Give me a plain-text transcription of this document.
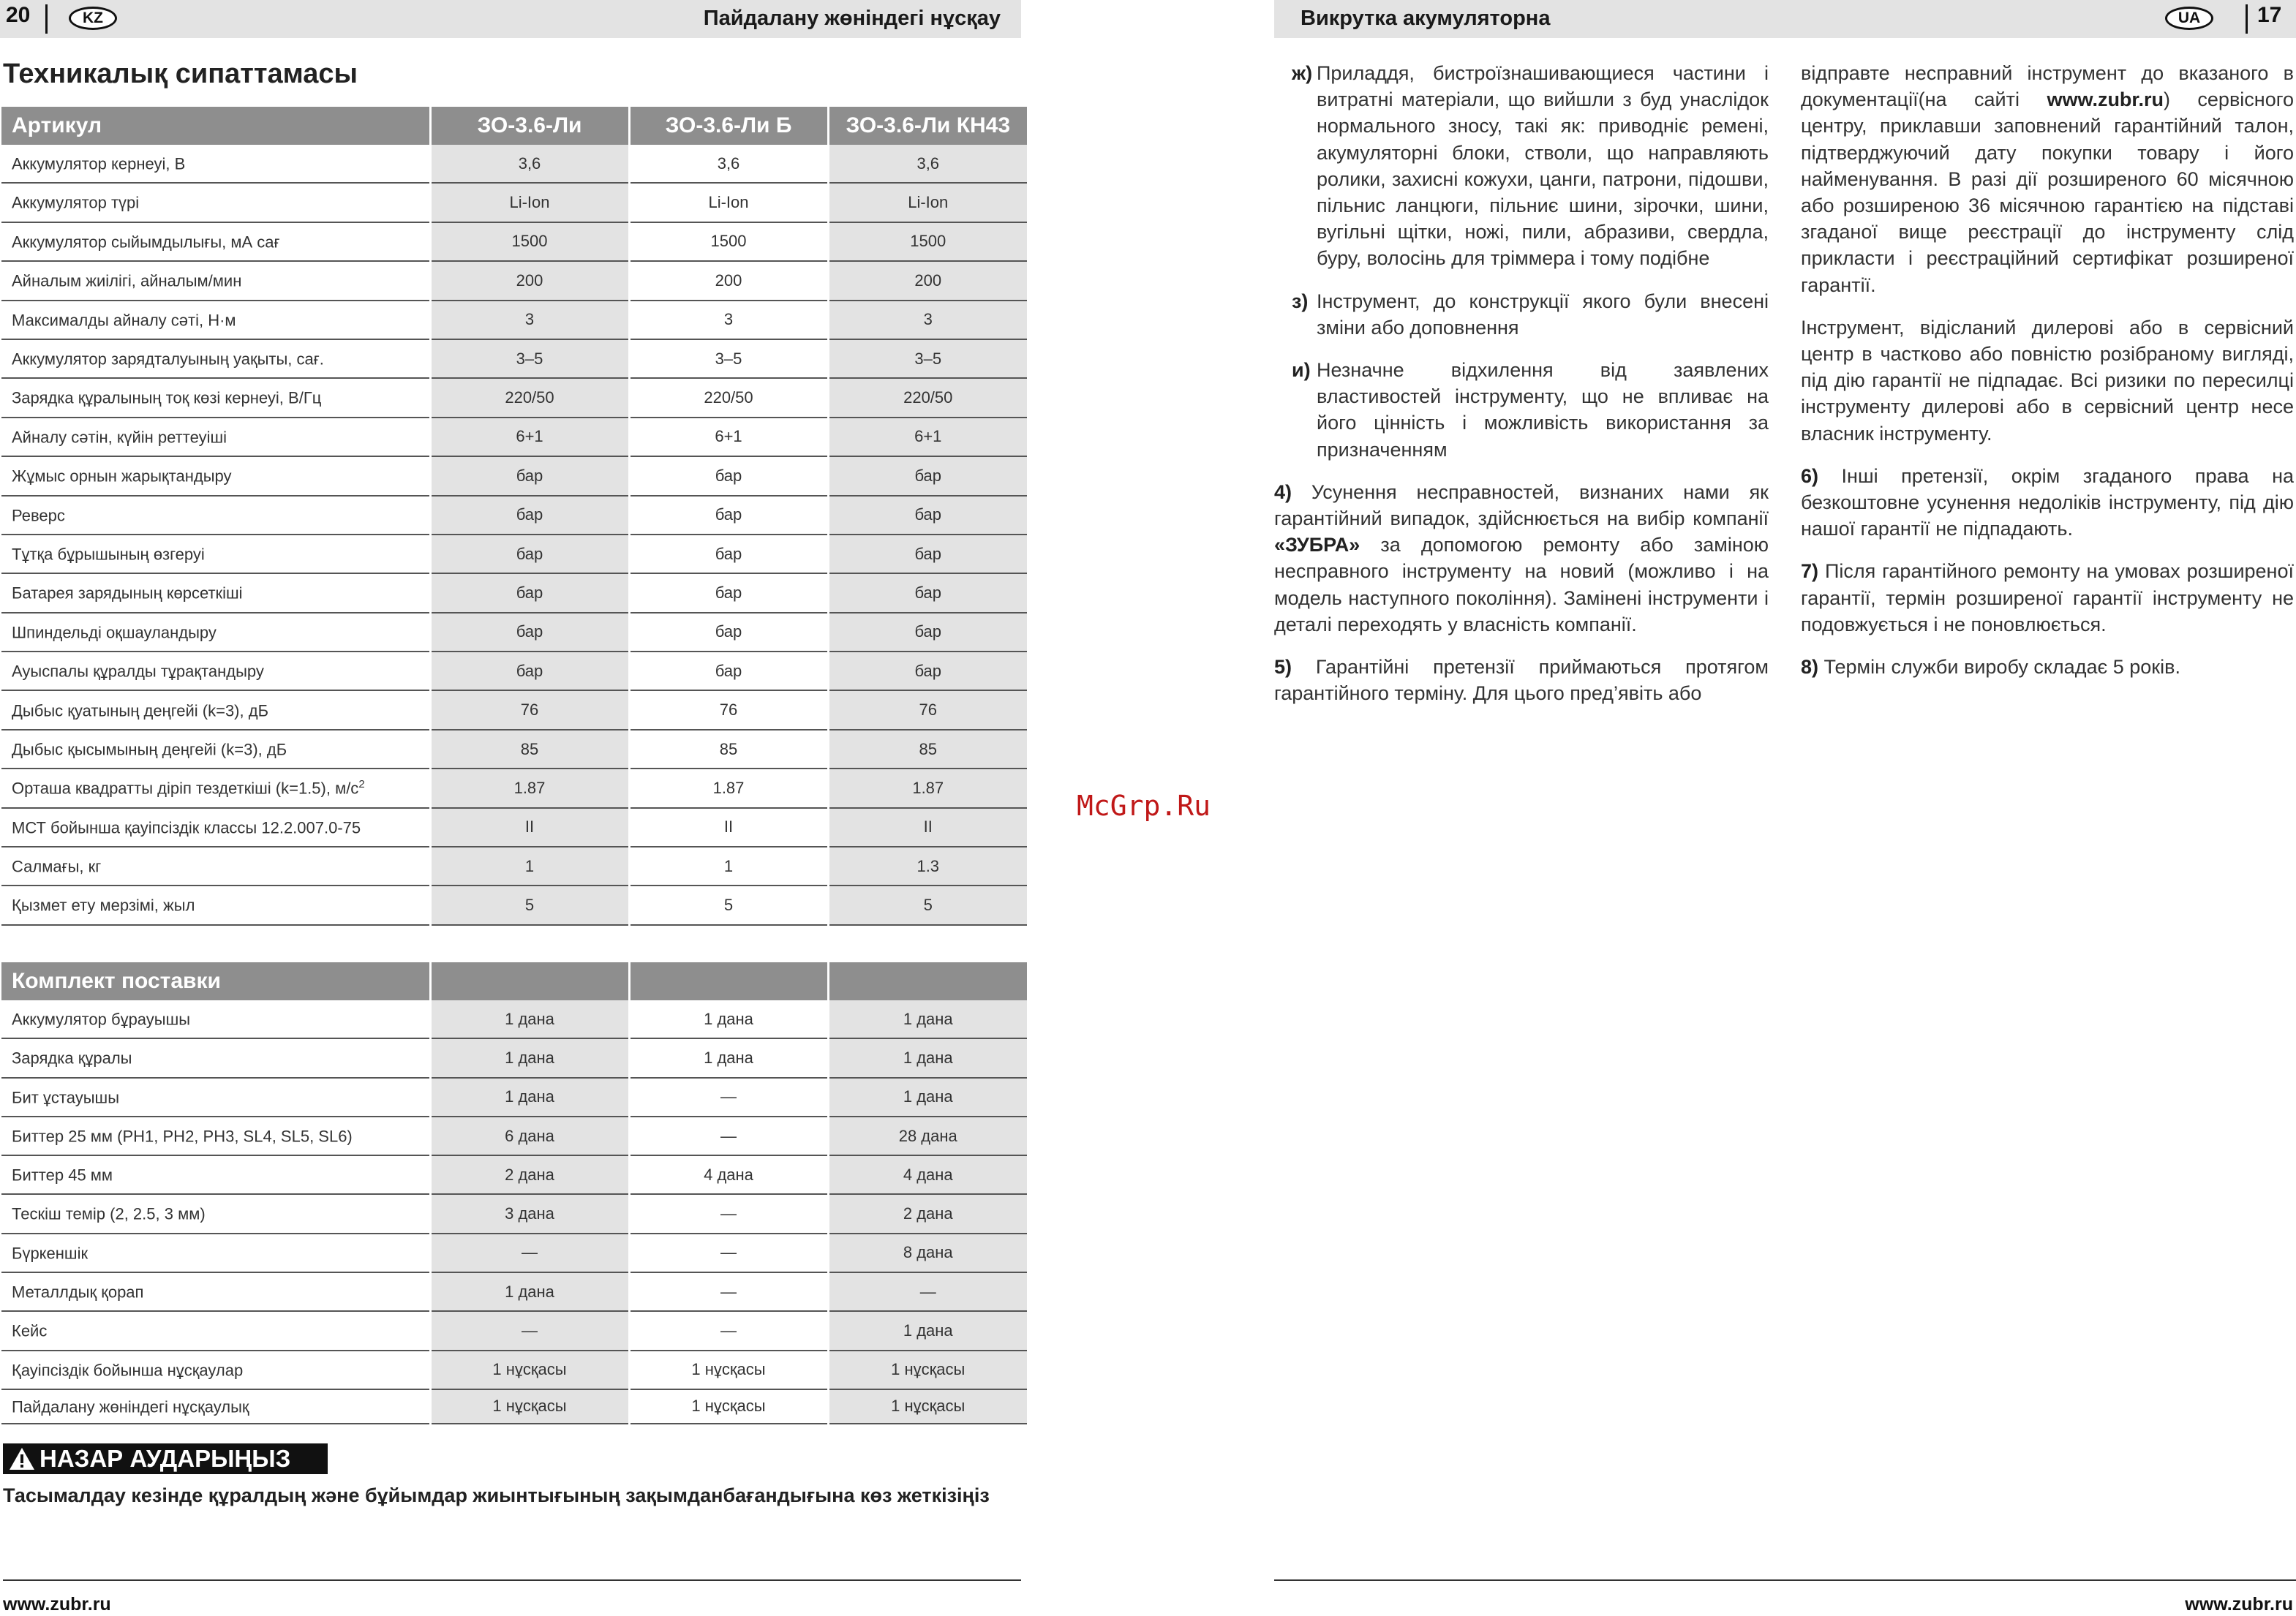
20	KZ	Пайдалану жөніндегі нұсқау
Техникалық сипаттамасы
Артикул	ЗО-3.6-Ли	ЗО-3.6-Ли Б	ЗО-3.6-Ли КН43
Аккумулятор кернеуі, В	3,6	3,6	3,6
Аккумулятор түрі	Li-Ion	Li-Ion	Li-Ion
Аккумулятор сыйымдылығы, мА сағ	1500	1500	1500
Айналым жиілігі, айналым/мин	200	200	200
Максималды айналу сәті, Н·м	3	3	3
Аккумулятор зарядталуының уақыты, сағ.	3–5	3–5	3–5
Зарядка құралының тоқ көзі кернеуі, В/Гц	220/50	220/50	220/50
Айналу сәтін, күйін реттеуіші	6+1	6+1	6+1
Жұмыс орнын жарықтандыру	бар	бар	бар
Реверс	бар	бар	бар
Тұтқа бұрышының өзгеруі	бар	бар	бар
Батарея зарядының көрсеткіші	бар	бар	бар
Шпиндельді оқшауландыру	бар	бар	бар
Ауыспалы құралды тұрақтандыру	бар	бар	бар
Дыбыс қуатының деңгейі (k=3), дБ	76	76	76
Дыбыс қысымының деңгейі (k=3), дБ	85	85	85
Орташа квадратты діріп тездеткіші (k=1.5), $м/с^2$	1.87	1.87	1.87
МСТ бойынша қауіпсіздік классы 12.2.007.0-75	II	II	II
Салмағы, кг	1	1	1.3
Қызмет ету мерзімі, жыл	5	5	5
Комплект поставки			
Аккумулятор бұрауышы	1 дана	1 дана	1 дана
Зарядка құралы	1 дана	1 дана	1 дана
Бит ұстауышы	1 дана	—	1 дана
Биттер 25 мм (PH1, PH2, PH3, SL4, SL5, SL6)	6 дана	—	28 дана
Биттер 45 мм	2 дана	4 дана	4 дана
Тескіш темір (2, 2.5, 3 мм)	3 дана	—	2 дана
Бүркеншік	—	—	8 дана
Металлдық қорап	1 дана	—	—
Кейс	—	—	1 дана
Қауіпсіздік бойынша нұсқаулар	1 нұсқасы	1 нұсқасы	1 нұсқасы
Пайдалану жөніндегі нұсқаулық	1 нұсқасы	1 нұсқасы	1 нұсқасы
НАЗАР АУДАРЫҢЫЗ
Тасымалдау кезінде құралдың және бұйымдар жиынтығының зақымданбағандығына көз жеткізіңіз
www.zubr.ru
McGrp.Ru
Викрутка акумуляторна	UA	17
ж) Приладдя, бистроїзнашивающиеся частини і витратні матеріали, що вийшли з буд унаслідок нормального зносу, такі як: приводніє ремені, акумуляторні блоки, стволи, що направляють ролики, захисні кожухи, цанги, патрони, підошви, пільнис ланцюги, пільниє шини, зірочки, шини, вугільні щітки, ножі, пили, абразиви, свердла, буру, волосінь для тріммера і тому подібне
з) Інструмент, до конструкції якого були внесені зміни або доповнення
и) Незначне відхилення від заявлених властивостей інструменту, що не впливає на його цінність і можливість використання за призначенням

4) Усунення несправностей, визнаних нами як гарантійний випадок, здійснюється на вибір компанії «ЗУБРА» за допомогою ремонту або заміною несправного інструменту на новий (можливо і на модель наступного покоління). Замінені інструменти і деталі переходять у власність компанії.

5) Гарантійні претензії приймаються протягом гарантійного терміну. Для цього пред’явіть або

відправте несправний інструмент до вказаного в документації(на сайті www.zubr.ru) сервісного центру, приклавши заповнений гарантійний талон, підтверджуючий дату покупки товару і його найменування. В разі дії розширеного 60 місячною або розширеною 36 місячною гарантією на підставі згаданої вище реєстрації до інструменту слід прикласти і реєстраційний сертифікат розширеної гарантії.

Інструмент, відісланий дилерові або в сервісний центр в частково або повністю розібраному вигляді, під дію гарантії не підпадає. Всі ризики по пересилці інструменту дилерові або в сервісний центр несе власник інструменту.

6) Інші претензії, окрім згаданого права на безкоштовне усунення недоліків інструменту, під дію нашої гарантії не підпадають.

7) Після гарантійного ремонту на умовах розширеної гарантії, термін розширеної гарантії інструменту не подовжується і не поновлюється.

8) Термін служби виробу складає 5 років.

www.zubr.ru
